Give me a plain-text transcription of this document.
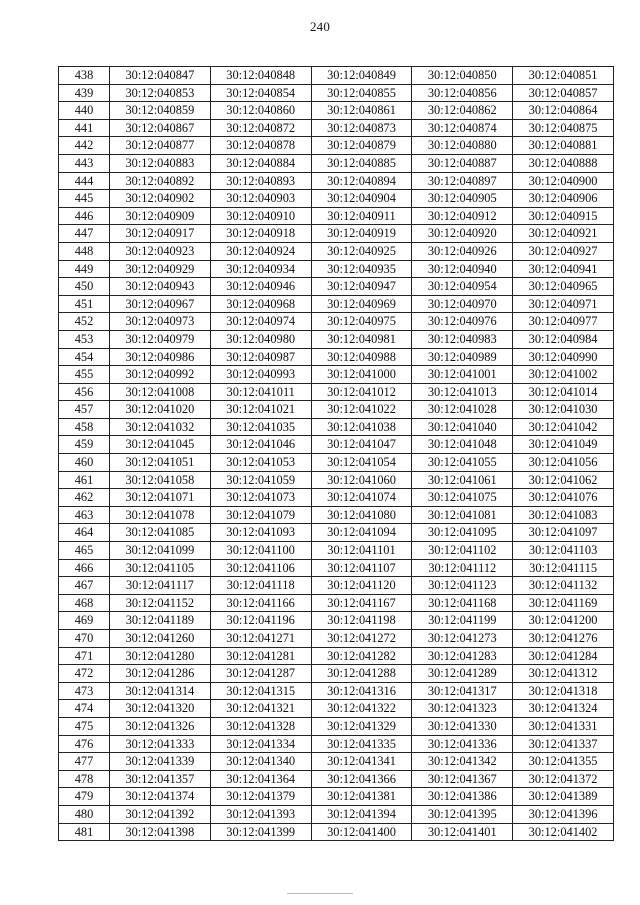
240
438	30:12:040847	30:12:040848	30:12:040849	30:12:040850	30:12:040851
439	30:12:040853	30:12:040854	30:12:040855	30:12:040856	30:12:040857
440	30:12:040859	30:12:040860	30:12:040861	30:12:040862	30:12:040864
441	30:12:040867	30:12:040872	30:12:040873	30:12:040874	30:12:040875
442	30:12:040877	30:12:040878	30:12:040879	30:12:040880	30:12:040881
443	30:12:040883	30:12:040884	30:12:040885	30:12:040887	30:12:040888
444	30:12:040892	30:12:040893	30:12:040894	30:12:040897	30:12:040900
445	30:12:040902	30:12:040903	30:12:040904	30:12:040905	30:12:040906
446	30:12:040909	30:12:040910	30:12:040911	30:12:040912	30:12:040915
447	30:12:040917	30:12:040918	30:12:040919	30:12:040920	30:12:040921
448	30:12:040923	30:12:040924	30:12:040925	30:12:040926	30:12:040927
449	30:12:040929	30:12:040934	30:12:040935	30:12:040940	30:12:040941
450	30:12:040943	30:12:040946	30:12:040947	30:12:040954	30:12:040965
451	30:12:040967	30:12:040968	30:12:040969	30:12:040970	30:12:040971
452	30:12:040973	30:12:040974	30:12:040975	30:12:040976	30:12:040977
453	30:12:040979	30:12:040980	30:12:040981	30:12:040983	30:12:040984
454	30:12:040986	30:12:040987	30:12:040988	30:12:040989	30:12:040990
455	30:12:040992	30:12:040993	30:12:041000	30:12:041001	30:12:041002
456	30:12:041008	30:12:041011	30:12:041012	30:12:041013	30:12:041014
457	30:12:041020	30:12:041021	30:12:041022	30:12:041028	30:12:041030
458	30:12:041032	30:12:041035	30:12:041038	30:12:041040	30:12:041042
459	30:12:041045	30:12:041046	30:12:041047	30:12:041048	30:12:041049
460	30:12:041051	30:12:041053	30:12:041054	30:12:041055	30:12:041056
461	30:12:041058	30:12:041059	30:12:041060	30:12:041061	30:12:041062
462	30:12:041071	30:12:041073	30:12:041074	30:12:041075	30:12:041076
463	30:12:041078	30:12:041079	30:12:041080	30:12:041081	30:12:041083
464	30:12:041085	30:12:041093	30:12:041094	30:12:041095	30:12:041097
465	30:12:041099	30:12:041100	30:12:041101	30:12:041102	30:12:041103
466	30:12:041105	30:12:041106	30:12:041107	30:12:041112	30:12:041115
467	30:12:041117	30:12:041118	30:12:041120	30:12:041123	30:12:041132
468	30:12:041152	30:12:041166	30:12:041167	30:12:041168	30:12:041169
469	30:12:041189	30:12:041196	30:12:041198	30:12:041199	30:12:041200
470	30:12:041260	30:12:041271	30:12:041272	30:12:041273	30:12:041276
471	30:12:041280	30:12:041281	30:12:041282	30:12:041283	30:12:041284
472	30:12:041286	30:12:041287	30:12:041288	30:12:041289	30:12:041312
473	30:12:041314	30:12:041315	30:12:041316	30:12:041317	30:12:041318
474	30:12:041320	30:12:041321	30:12:041322	30:12:041323	30:12:041324
475	30:12:041326	30:12:041328	30:12:041329	30:12:041330	30:12:041331
476	30:12:041333	30:12:041334	30:12:041335	30:12:041336	30:12:041337
477	30:12:041339	30:12:041340	30:12:041341	30:12:041342	30:12:041355
478	30:12:041357	30:12:041364	30:12:041366	30:12:041367	30:12:041372
479	30:12:041374	30:12:041379	30:12:041381	30:12:041386	30:12:041389
480	30:12:041392	30:12:041393	30:12:041394	30:12:041395	30:12:041396
481	30:12:041398	30:12:041399	30:12:041400	30:12:041401	30:12:041402
